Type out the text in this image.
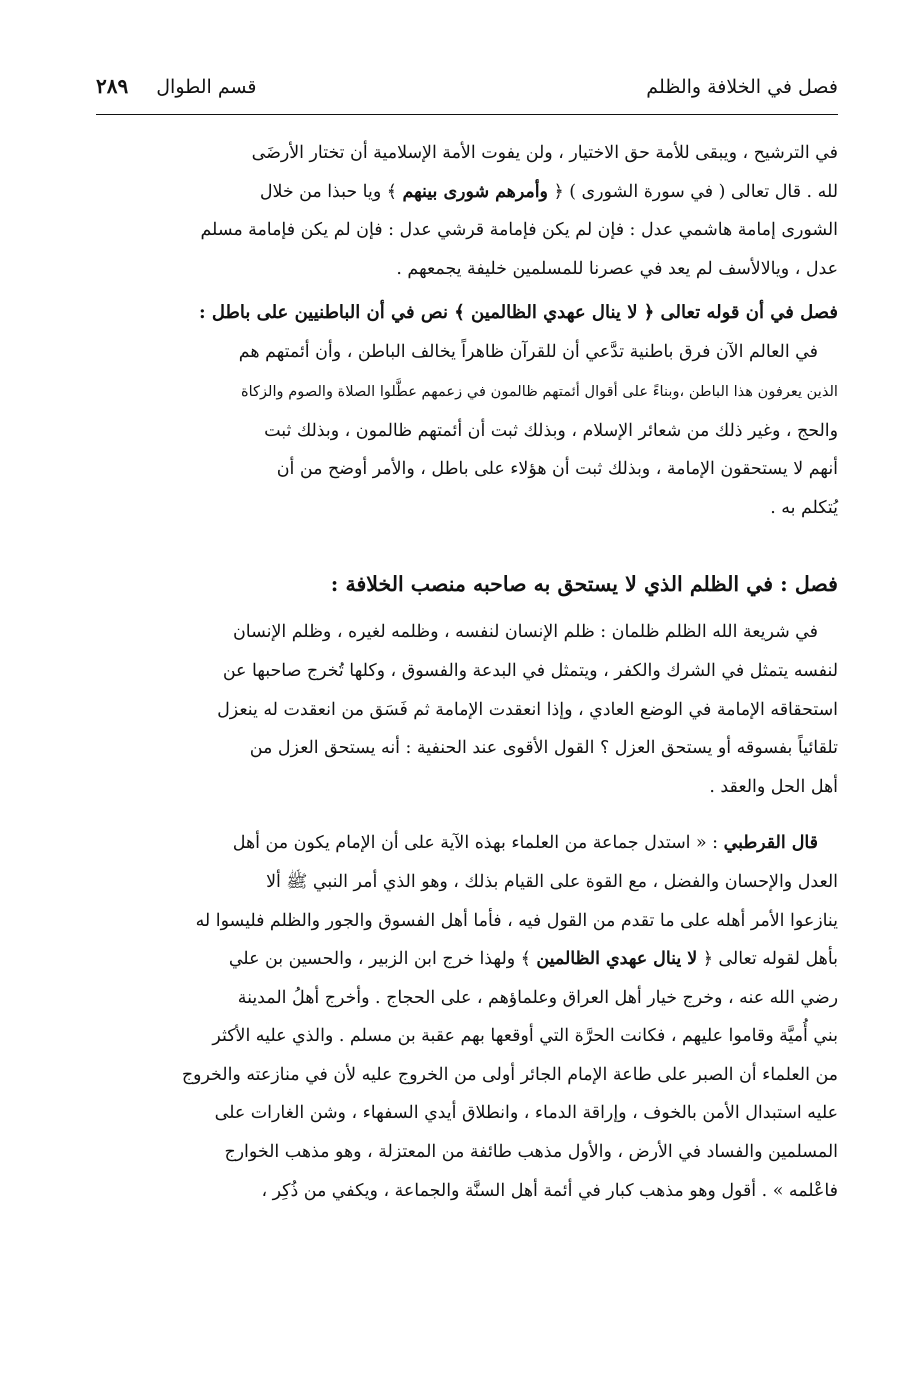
فصل في الخلافة والظلم
قسم الطوال
٢٨٩

في الترشيح ، ويبقى للأمة حق الاختيار ، ولن يفوت الأمة الإسلامية أن تختار الأرضَى
لله . قال تعالى ( في سورة الشورى ) ﴿ وأمرهم شورى بينهم ﴾ ويا حبذا من خلال
الشورى إمامة هاشمي عدل : فإن لم يكن فإمامة قرشي عدل : فإن لم يكن فإمامة مسلم
عدل ، ويالالأسف لم يعد في عصرنا للمسلمين خليفة يجمعهم .

فصل في أن قوله تعالى ﴿ لا ينال عهدي الظالمين ﴾ نص في أن الباطنيين على باطل :

في العالم الآن فرق باطنية تدَّعي أن للقرآن ظاهراً يخالف الباطن ، وأن أئمتهم هم
الذين يعرفون هذا الباطن ،وبناءً على أقوال أئمتهم ظالمون في زعمهم عطَّلوا الصلاة والصوم والزكاة
والحج ، وغير ذلك من شعائر الإسلام ، وبذلك ثبت أن أئمتهم ظالمون ، وبذلك ثبت
أنهم لا يستحقون الإمامة ، وبذلك ثبت أن هؤلاء على باطل ، والأمر أوضح من أن
يُتكلم به .

فصل : في الظلم الذي لا يستحق به صاحبه منصب الخلافة :

في شريعة الله الظلم ظلمان : ظلم الإنسان لنفسه ، وظلمه لغيره ، وظلم الإنسان
لنفسه يتمثل في الشرك والكفر ، ويتمثل في البدعة والفسوق ، وكلها تُخرج صاحبها عن
استحقاقه الإمامة في الوضع العادي ، وإذا انعقدت الإمامة ثم فَسَق من انعقدت له ينعزل
تلقائياً بفسوقه أو يستحق العزل ؟ القول الأقوى عند الحنفية : أنه يستحق العزل من
أهل الحل والعقد .

قال القرطبي : « استدل جماعة من العلماء بهذه الآية على أن الإمام يكون من أهل
العدل والإحسان والفضل ، مع القوة على القيام بذلك ، وهو الذي أمر النبي ﷺ ألا
ينازعوا الأمر أهله على ما تقدم من القول فيه ، فأما أهل الفسوق والجور والظلم فليسوا له
بأهل لقوله تعالى ﴿ لا ينال عهدي الظالمين ﴾ ولهذا خرج ابن الزبير ، والحسين بن علي
رضي الله عنه ، وخرج خيار أهل العراق وعلماؤهم ، على الحجاج . وأخرج أهلُ المدينة
بني أُميَّة وقاموا عليهم ، فكانت الحرَّة التي أوقعها بهم عقبة بن مسلم . والذي عليه الأكثر
من العلماء أن الصبر على طاعة الإمام الجائر أولى من الخروج عليه لأن في منازعته والخروج
عليه استبدال الأمن بالخوف ، وإراقة الدماء ، وانطلاق أيدي السفهاء ، وشن الغارات على
المسلمين والفساد في الأرض ، والأول مذهب طائفة من المعتزلة ، وهو مذهب الخوارج
فاعْلمه » . أقول وهو مذهب كبار في أئمة أهل السنَّة والجماعة ، ويكفي من ذُكِر ،
